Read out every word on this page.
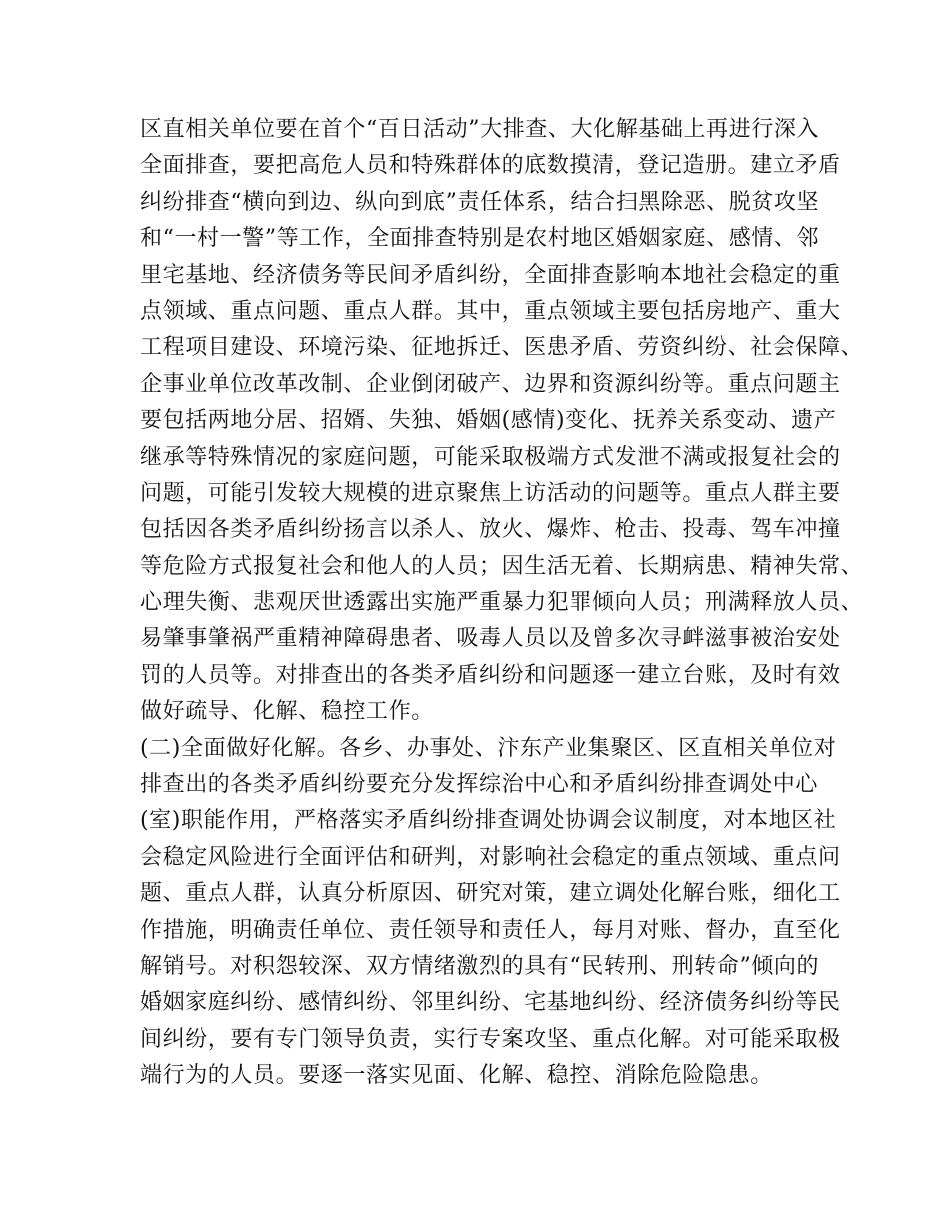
区直相关单位要在首个“百日活动”大排查、大化解基础上再进行深入
全面排查，要把高危人员和特殊群体的底数摸清，登记造册。建立矛盾
纠纷排查“横向到边、纵向到底”责任体系，结合扫黑除恶、脱贫攻坚
和“一村一警”等工作，全面排查特别是农村地区婚姻家庭、感情、邻
里宅基地、经济债务等民间矛盾纠纷，全面排查影响本地社会稳定的重
点领域、重点问题、重点人群。其中，重点领域主要包括房地产、重大
工程项目建设、环境污染、征地拆迁、医患矛盾、劳资纠纷、社会保障、
企事业单位改革改制、企业倒闭破产、边界和资源纠纷等。重点问题主
要包括两地分居、招婿、失独、婚姻(感情)变化、抚养关系变动、遗产
继承等特殊情况的家庭问题，可能采取极端方式发泄不满或报复社会的
问题，可能引发较大规模的进京聚焦上访活动的问题等。重点人群主要
包括因各类矛盾纠纷扬言以杀人、放火、爆炸、枪击、投毒、驾车冲撞
等危险方式报复社会和他人的人员；因生活无着、长期病患、精神失常、
心理失衡、悲观厌世透露出实施严重暴力犯罪倾向人员；刑满释放人员、
易肇事肇祸严重精神障碍患者、吸毒人员以及曾多次寻衅滋事被治安处
罚的人员等。对排查出的各类矛盾纠纷和问题逐一建立台账，及时有效
做好疏导、化解、稳控工作。
(二)全面做好化解。各乡、办事处、汴东产业集聚区、区直相关单位对
排查出的各类矛盾纠纷要充分发挥综治中心和矛盾纠纷排查调处中心
(室)职能作用，严格落实矛盾纠纷排查调处协调会议制度，对本地区社
会稳定风险进行全面评估和研判，对影响社会稳定的重点领域、重点问
题、重点人群，认真分析原因、研究对策，建立调处化解台账，细化工
作措施，明确责任单位、责任领导和责任人，每月对账、督办，直至化
解销号。对积怨较深、双方情绪激烈的具有“民转刑、刑转命”倾向的
婚姻家庭纠纷、感情纠纷、邻里纠纷、宅基地纠纷、经济债务纠纷等民
间纠纷，要有专门领导负责，实行专案攻坚、重点化解。对可能采取极
端行为的人员。要逐一落实见面、化解、稳控、消除危险隐患。
